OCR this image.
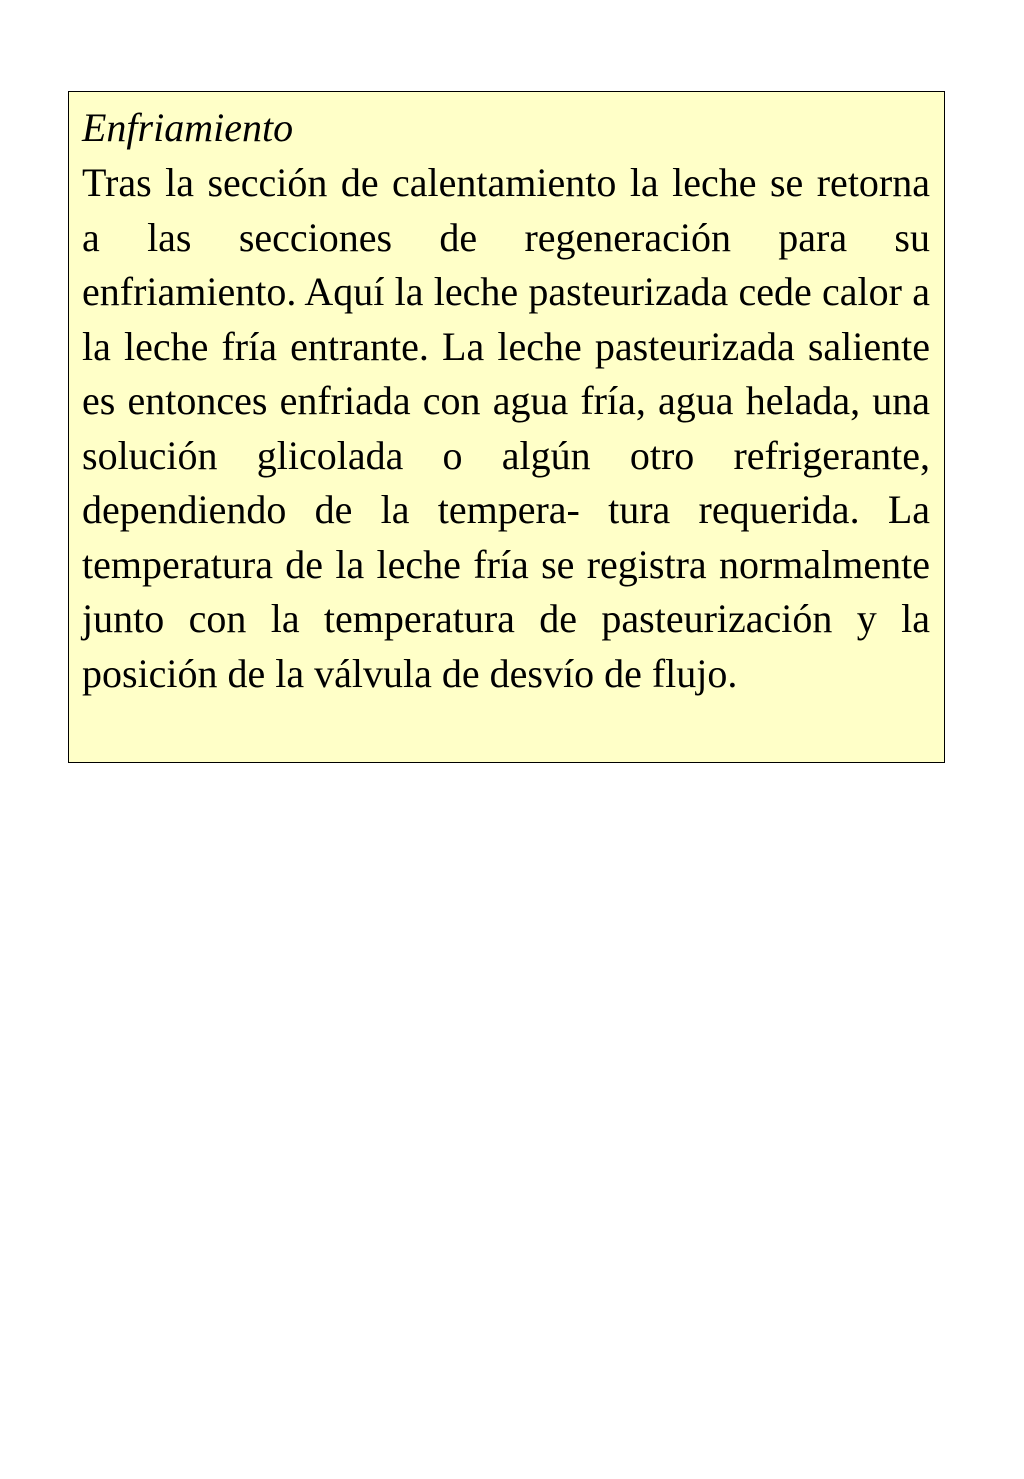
Enfriamiento

Tras la sección de calentamiento la leche se retorna a las secciones de regeneración para su enfriamiento. Aquí la leche pasteurizada cede calor a la leche fría entrante. La leche pasteurizada saliente es entonces enfriada con agua fría, agua helada, una solución glicolada o algún otro refrigerante, dependiendo de la tempera- tura requerida. La temperatura de la leche fría se registra normalmente junto con la temperatura de pasteurización y la posición de la válvula de desvío de flujo.
